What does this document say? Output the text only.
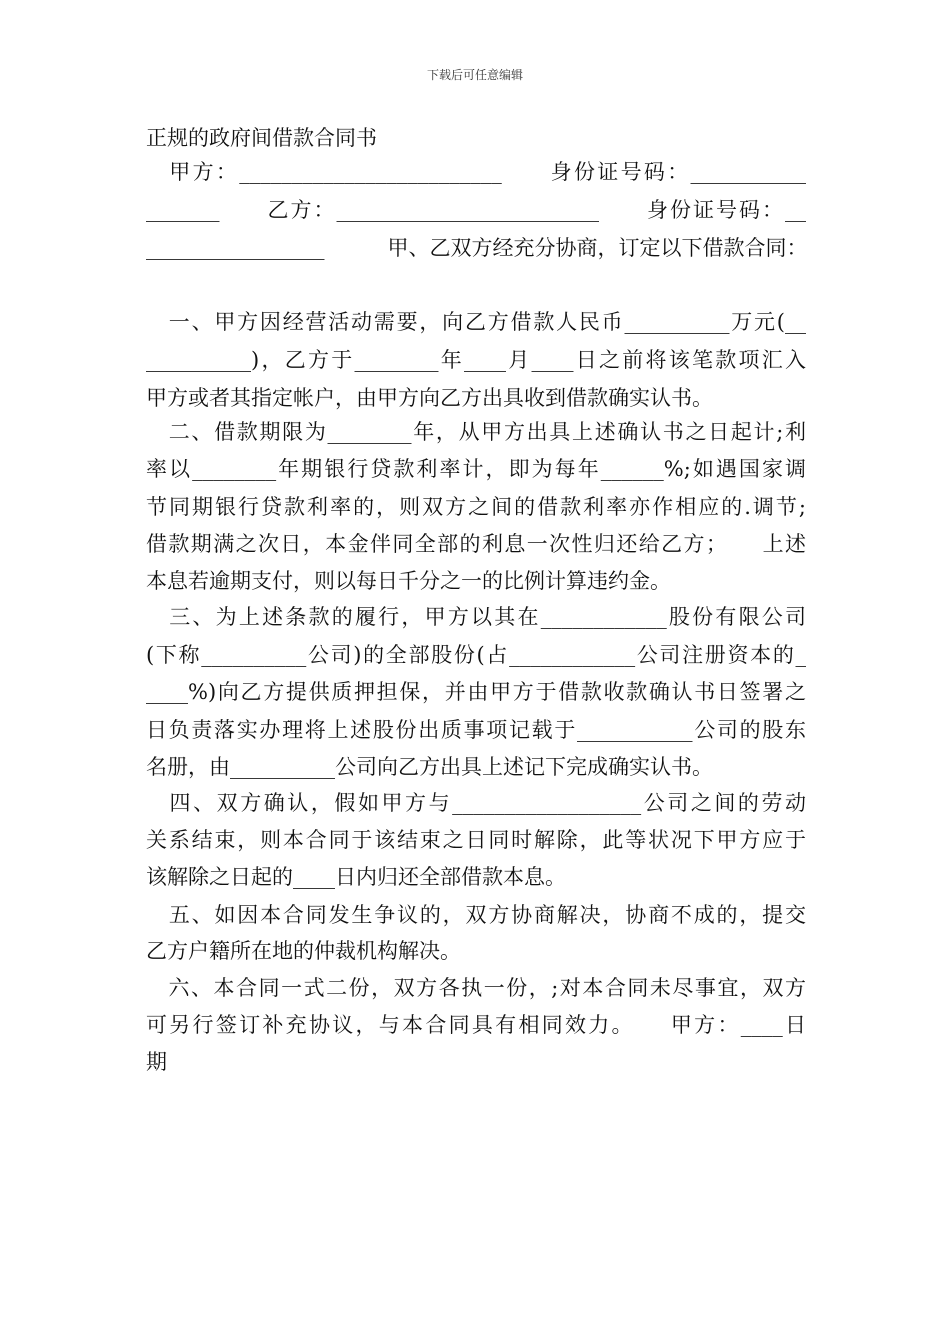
下载后可任意编辑
正规的政府间借款合同书
　甲方：_________________________　　身份证号码：___________
_______　　乙方：_________________________　　身份证号码：__
_________________　　　甲、乙双方经充分协商，订定以下借款合同：
　一、甲方因经营活动需要，向乙方借款人民币__________万元(__
__________)，乙方于________年____月____日之前将该笔款项汇入
甲方或者其指定帐户，由甲方向乙方出具收到借款确实认书。
　二、借款期限为________年，从甲方出具上述确认书之日起计;利
率以________年期银行贷款利率计，即为每年______%;如遇国家调
节同期银行贷款利率的，则双方之间的借款利率亦作相应的.调节;
借款期满之次日，本金伴同全部的利息一次性归还给乙方；　　上述
本息若逾期支付，则以每日千分之一的比例计算违约金。
　三、为上述条款的履行，甲方以其在____________股份有限公司
(下称__________公司)的全部股份(占____________公司注册资本的_
____%)向乙方提供质押担保，并由甲方于借款收款确认书日签署之
日负责落实办理将上述股份出质事项记载于___________公司的股东
名册，由__________公司向乙方出具上述记下完成确实认书。
　四、双方确认，假如甲方与__________________公司之间的劳动
关系结束，则本合同于该结束之日同时解除，此等状况下甲方应于
该解除之日起的____日内归还全部借款本息。
　五、如因本合同发生争议的，双方协商解决，协商不成的，提交
乙方户籍所在地的仲裁机构解决。
　六、本合同一式二份，双方各执一份，;对本合同未尽事宜，双方
可另行签订补充协议，与本合同具有相同效力。　　甲方：____日
期
